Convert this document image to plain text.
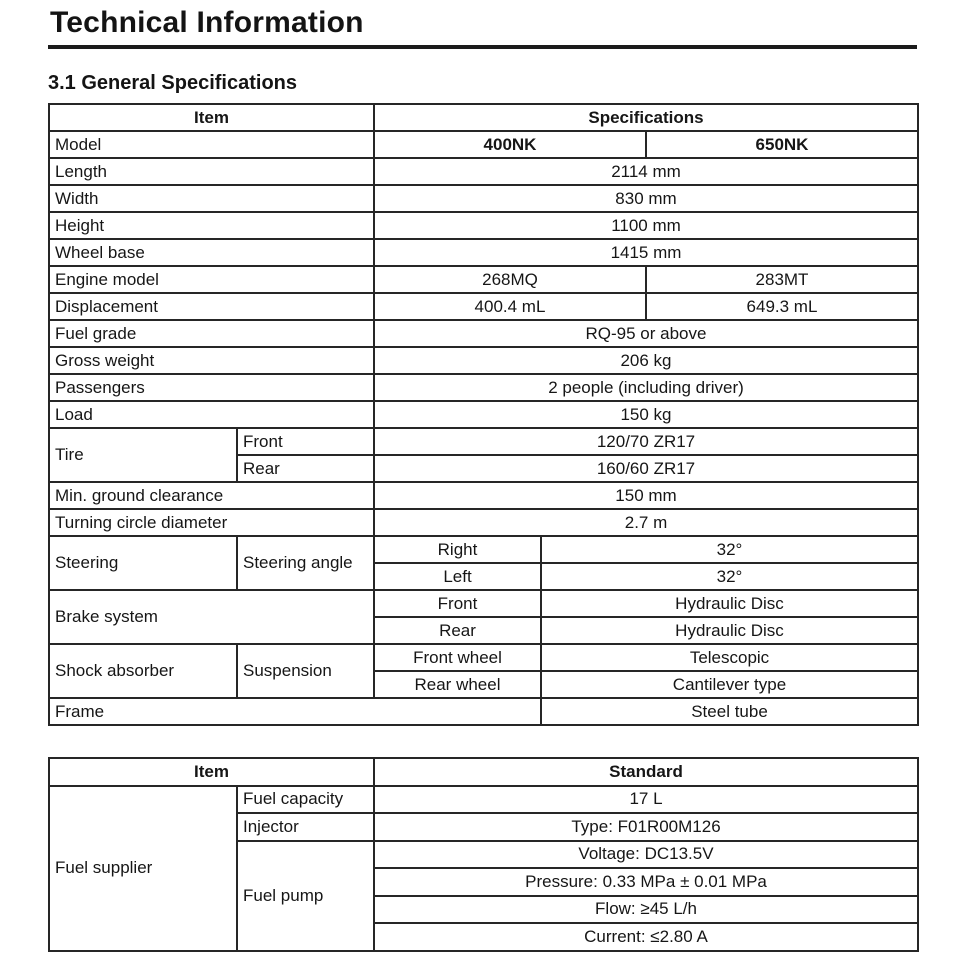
Technical Information
3.1 General Specifications
Item		Specifications		
Model		400NK		650NK
Length		2114 mm		
Width		830 mm		
Height		1100 mm		
Wheel base		1415 mm		
Engine model		268MQ		283MT
Displacement		400.4 mL		649.3 mL
Fuel grade		RQ-95 or above		
Gross weight		206 kg		
Passengers		2 people (including driver)		
Load		150 kg		
Tire	Front	120/70 ZR17		
	Rear	160/60 ZR17		
Min. ground clearance		150 mm		
Turning circle diameter		2.7 m		
Steering	Steering angle	Right	32°	
		Left	32°	
Brake system		Front	Hydraulic Disc	
		Rear	Hydraulic Disc	
Shock absorber	Suspension	Front wheel	Telescopic	
		Rear wheel	Cantilever type	
Frame			Steel tube	
Item		Standard
Fuel supplier	Fuel capacity	17 L
	Injector	Type: F01R00M126
	Fuel pump	Voltage: DC13.5V
		Pressure: 0.33 MPa ± 0.01 MPa
		Flow: ≥45 L/h
		Current: ≤2.80 A
